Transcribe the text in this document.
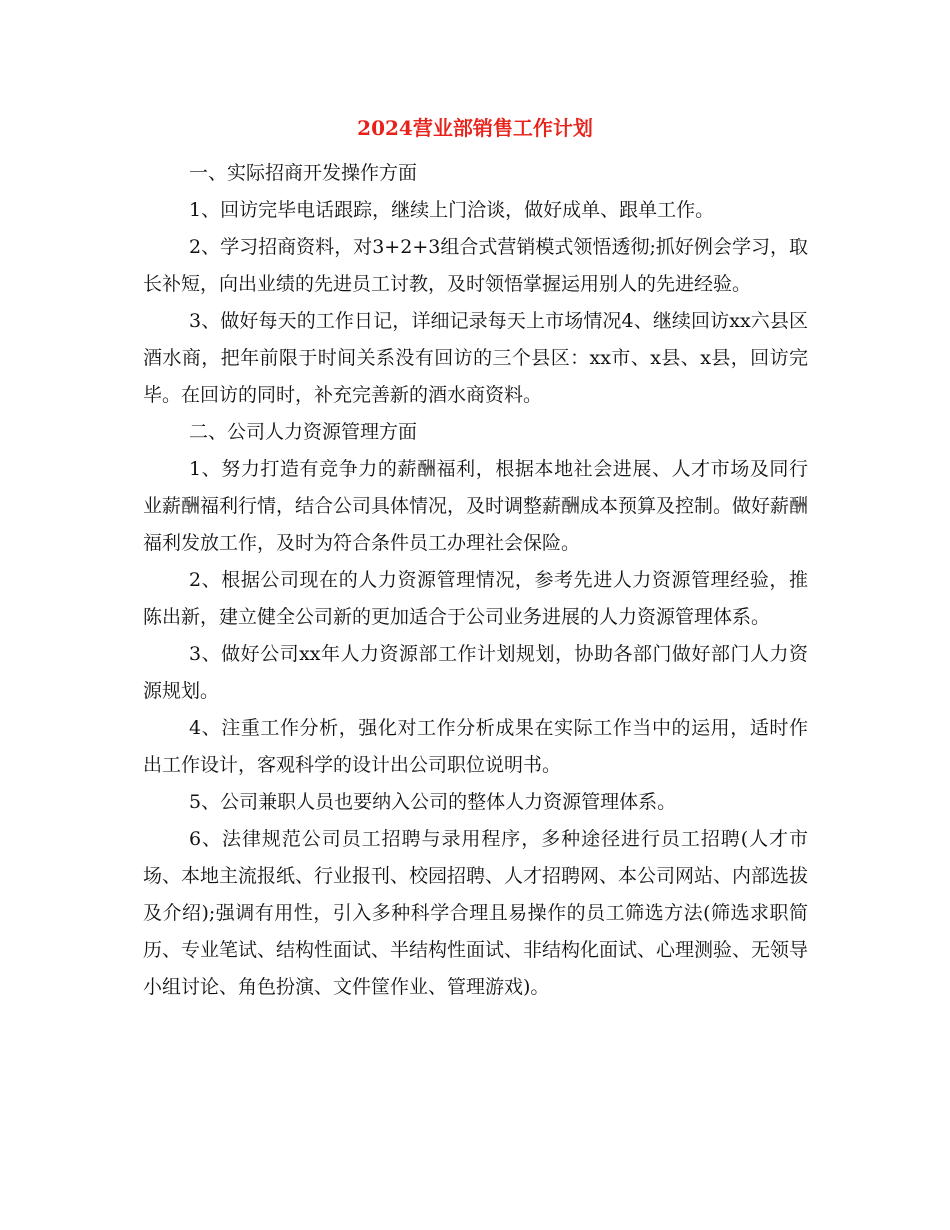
2024营业部销售工作计划

一、实际招商开发操作方面

1、回访完毕电话跟踪，继续上门洽谈，做好成单、跟单工作。

2、学习招商资料，对3+2+3组合式营销模式领悟透彻;抓好例会学习，取长补短，向出业绩的先进员工讨教，及时领悟掌握运用别人的先进经验。

3、做好每天的工作日记，详细记录每天上市场情况4、继续回访xx六县区酒水商，把年前限于时间关系没有回访的三个县区：xx市、x县、x县，回访完毕。在回访的同时，补充完善新的酒水商资料。

二、公司人力资源管理方面

1、努力打造有竞争力的薪酬福利，根据本地社会进展、人才市场及同行业薪酬福利行情，结合公司具体情况，及时调整薪酬成本预算及控制。做好薪酬福利发放工作，及时为符合条件员工办理社会保险。

2、根据公司现在的人力资源管理情况，参考先进人力资源管理经验，推陈出新，建立健全公司新的更加适合于公司业务进展的人力资源管理体系。

3、做好公司xx年人力资源部工作计划规划，协助各部门做好部门人力资源规划。

4、注重工作分析，强化对工作分析成果在实际工作当中的运用，适时作出工作设计，客观科学的设计出公司职位说明书。

5、公司兼职人员也要纳入公司的整体人力资源管理体系。

6、法律规范公司员工招聘与录用程序，多种途径进行员工招聘(人才市场、本地主流报纸、行业报刊、校园招聘、人才招聘网、本公司网站、内部选拔及介绍);强调有用性，引入多种科学合理且易操作的员工筛选方法(筛选求职简历、专业笔试、结构性面试、半结构性面试、非结构化面试、心理测验、无领导小组讨论、角色扮演、文件筐作业、管理游戏)。
